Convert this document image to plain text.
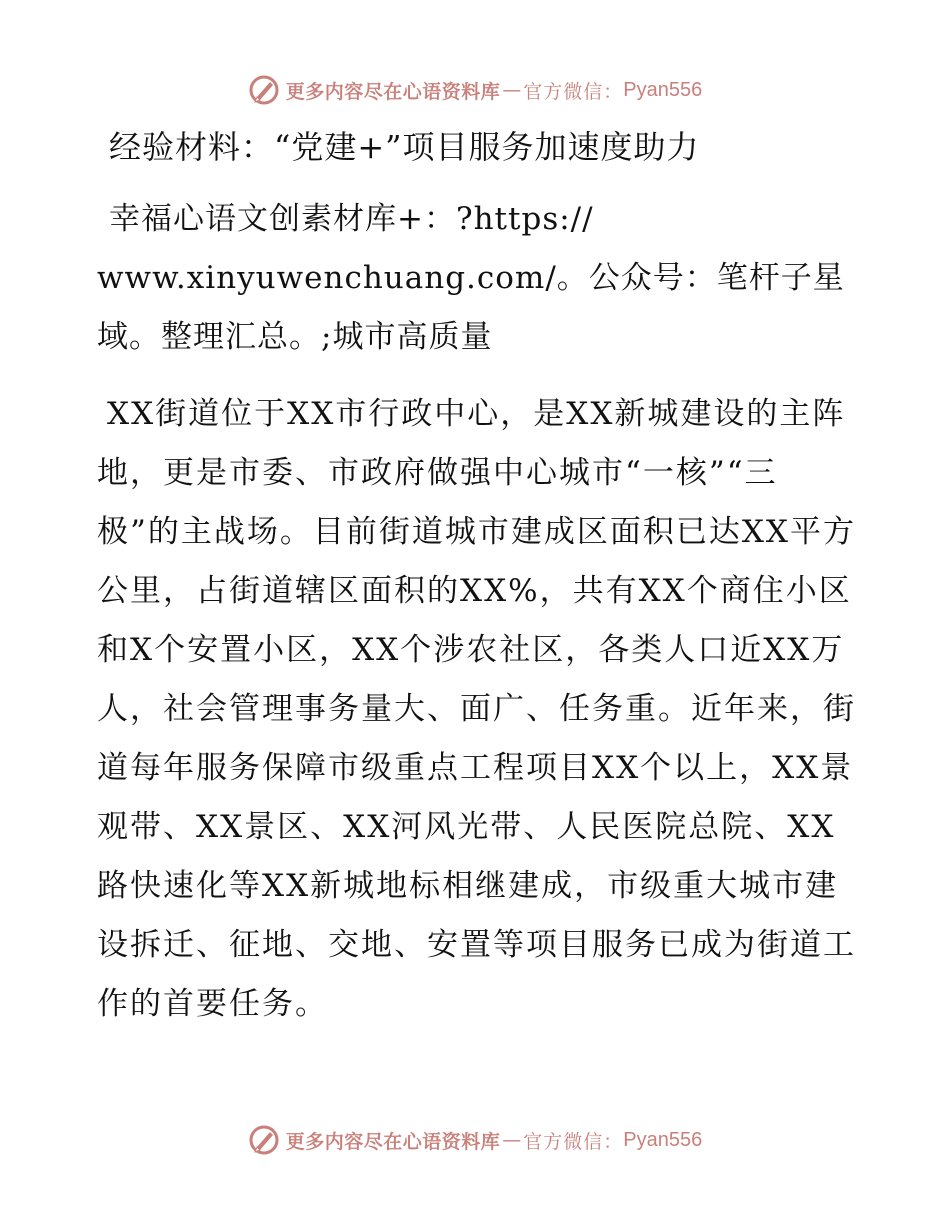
更多内容尽在心语资料库 — 官方微信： Pyan556
经验材料：“党建+”项目服务加速度助力

幸福心语文创素材库+：?https://
www.xinyuwenchuang.com/。公众号：笔杆子星
域。整理汇总。;城市高质量

XX街道位于XX市行政中心，是XX新城建设的主阵地，更是市委、市政府做强中心城市“一核”“三极”的主战场。目前街道城市建成区面积已达XX平方公里，占街道辖区面积的XX%，共有XX个商住小区和X个安置小区，XX个涉农社区，各类人口近XX万人，社会管理事务量大、面广、任务重。近年来，街道每年服务保障市级重点工程项目XX个以上，XX景观带、XX景区、XX河风光带、人民医院总院、XX路快速化等XX新城地标相继建成，市级重大城市建设拆迁、征地、交地、安置等项目服务已成为街道工作的首要任务。

更多内容尽在心语资料库 — 官方微信： Pyan556
